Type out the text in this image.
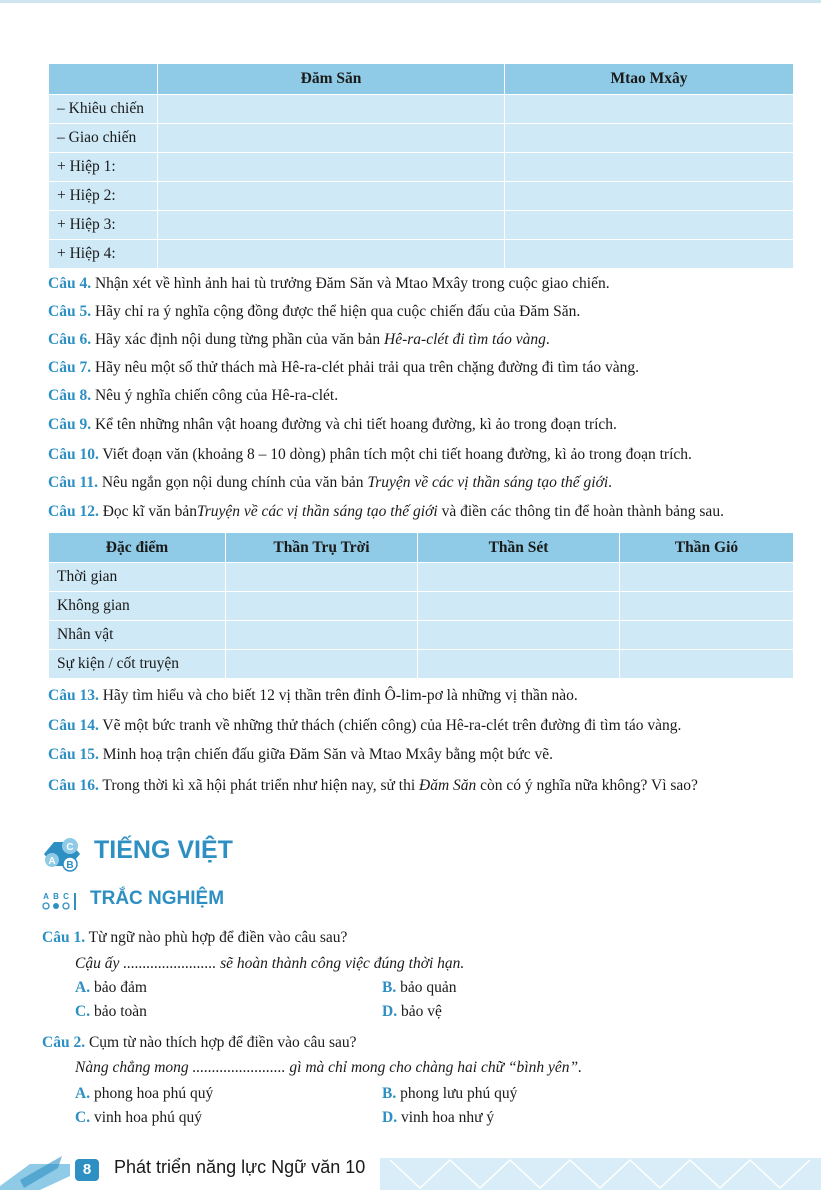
	Đăm Săn	Mtao Mxây
– Khiêu chiến		
– Giao chiến		
+ Hiệp 1:		
+ Hiệp 2:		
+ Hiệp 3:		
+ Hiệp 4:		
Câu 4. Nhận xét về hình ảnh hai tù trưởng Đăm Săn và Mtao Mxây trong cuộc giao chiến.
Câu 5. Hãy chỉ ra ý nghĩa cộng đồng được thể hiện qua cuộc chiến đấu của Đăm Săn.
Câu 6. Hãy xác định nội dung từng phần của văn bản Hê-ra-clét đi tìm táo vàng.
Câu 7. Hãy nêu một số thử thách mà Hê-ra-clét phải trải qua trên chặng đường đi tìm táo vàng.
Câu 8. Nêu ý nghĩa chiến công của Hê-ra-clét.
Câu 9. Kể tên những nhân vật hoang đường và chi tiết hoang đường, kì ảo trong đoạn trích.
Câu 10. Viết đoạn văn (khoảng 8 – 10 dòng) phân tích một chi tiết hoang đường, kì ảo trong đoạn trích.
Câu 11. Nêu ngắn gọn nội dung chính của văn bản Truyện về các vị thần sáng tạo thế giới.
Câu 12. Đọc kĩ văn bảnTruyện về các vị thần sáng tạo thế giới và điền các thông tin để hoàn thành bảng sau.
Đặc điểm	Thần Trụ Trời	Thần Sét	Thần Gió
Thời gian			
Không gian			
Nhân vật			
Sự kiện / cốt truyện			
Câu 13. Hãy tìm hiểu và cho biết 12 vị thần trên đỉnh Ô-lim-pơ là những vị thần nào.
Câu 14. Vẽ một bức tranh về những thử thách (chiến công) của Hê-ra-clét trên đường đi tìm táo vàng.
Câu 15. Minh hoạ trận chiến đấu giữa Đăm Săn và Mtao Mxây bằng một bức vẽ.
Câu 16. Trong thời kì xã hội phát triển như hiện nay, sử thi Đăm Săn còn có ý nghĩa nữa không? Vì sao?
C
A B
TIẾNG VIỆT
A B C TRẮC NGHIỆM
Câu 1. Từ ngữ nào phù hợp để điền vào câu sau?
Cậu ấy ........................ sẽ hoàn thành công việc đúng thời hạn.
A. bảo đảm	B. bảo quản
C. bảo toàn	D. bảo vệ
Câu 2. Cụm từ nào thích hợp để điền vào câu sau?
Nàng chẳng mong ........................ gì mà chỉ mong cho chàng hai chữ “bình yên”.
A. phong hoa phú quý	B. phong lưu phú quý
C. vinh hoa phú quý	D. vinh hoa như ý
8	Phát triển năng lực Ngữ văn 10
